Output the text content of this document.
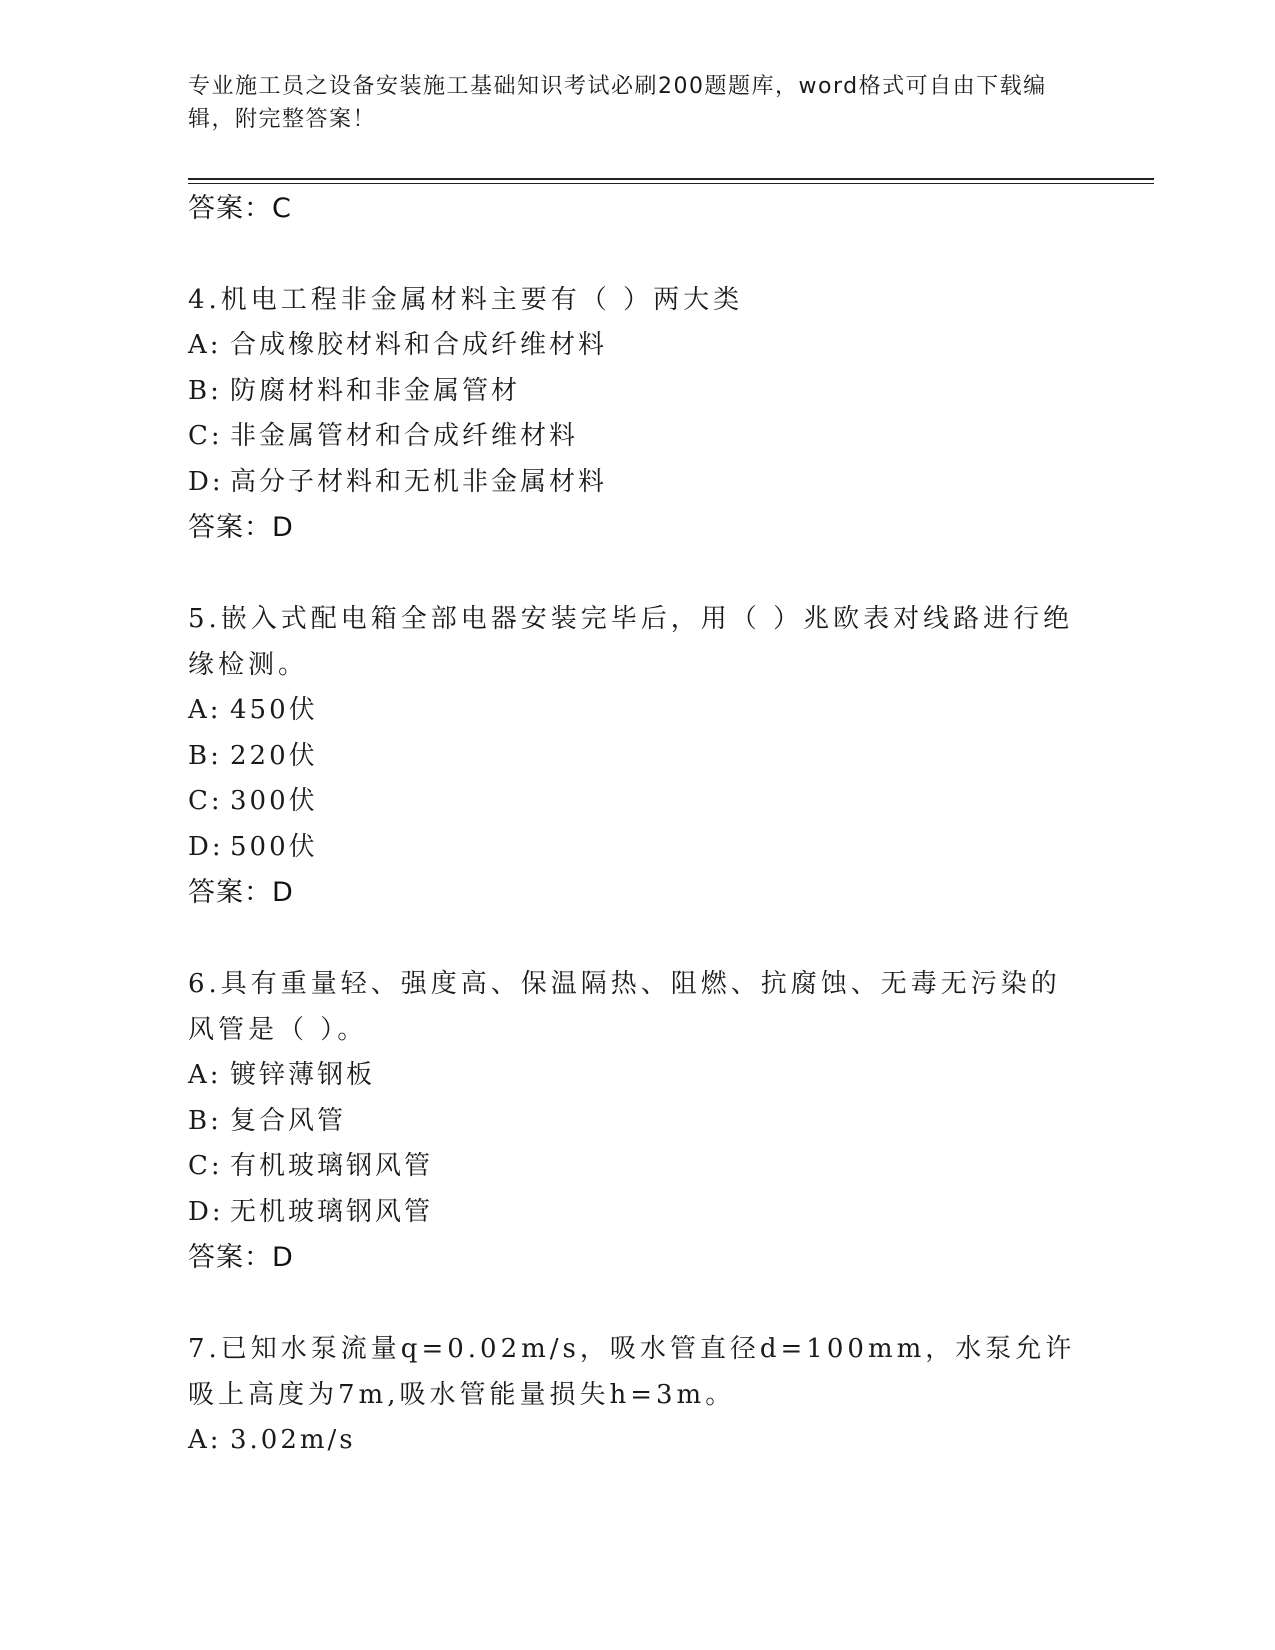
专业施工员之设备安装施工基础知识考试必刷200题题库，word格式可自由下载编辑，附完整答案！
答案：C
4.机电工程非金属材料主要有（ ）两大类
A: 合成橡胶材料和合成纤维材料
B: 防腐材料和非金属管材
C: 非金属管材和合成纤维材料
D: 高分子材料和无机非金属材料
答案：D
5.嵌入式配电箱全部电器安装完毕后，用（ ）兆欧表对线路进行绝缘检测。
A: 450伏
B: 220伏
C: 300伏
D: 500伏
答案：D
6.具有重量轻、强度高、保温隔热、阻燃、抗腐蚀、无毒无污染的风管是（ ）。
A: 镀锌薄钢板
B: 复合风管
C: 有机玻璃钢风管
D: 无机玻璃钢风管
答案：D
7.已知水泵流量q=0.02m/s，吸水管直径d=100mm，水泵允许吸上高度为7m,吸水管能量损失h=3m。
A: 3.02m/s
